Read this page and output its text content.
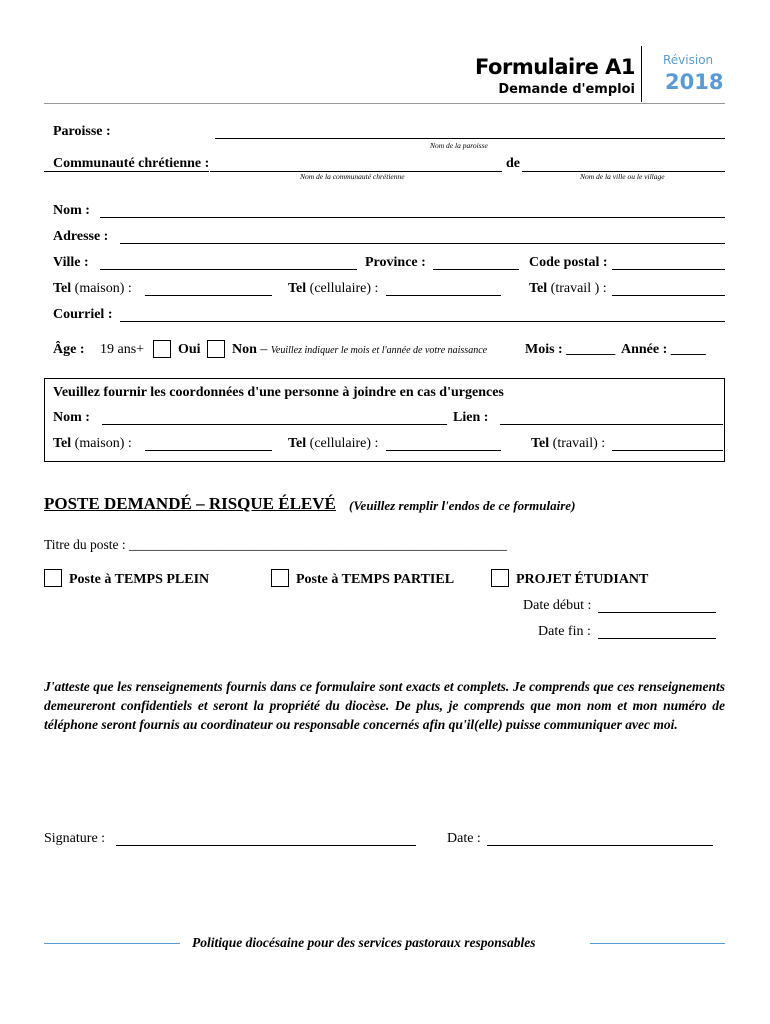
Formulaire A1
Demande d'emploi
Révision
2018
Paroisse :
Nom de la paroisse
Communauté chrétienne :	de
Nom de la communauté chrétienne	Nom de la ville ou le village
Nom :
Adresse :
Ville :	Province :	Code postal :
Tel (maison) :	Tel (cellulaire) :	Tel (travail ) :
Courriel :
Âge : 19 ans+ Oui Non – Veuillez indiquer le mois et l'année de votre naissance	Mois : _______ Année : _____
Veuillez fournir les coordonnées d'une personne à joindre en cas d'urgences
Nom :	Lien :
Tel (maison) :	Tel (cellulaire) :	Tel (travail) :
POSTE DEMANDÉ – RISQUE ÉLEVÉ (Veuillez remplir l'endos de ce formulaire)
Titre du poste : ________________________________________________________
Poste à TEMPS PLEIN	Poste à TEMPS PARTIEL	PROJET ÉTUDIANT
Date début :
Date fin :
J'atteste que les renseignements fournis dans ce formulaire sont exacts et complets. Je comprends que ces renseignements demeureront confidentiels et seront la propriété du diocèse. De plus, je comprends que mon nom et mon numéro de téléphone seront fournis au coordinateur ou responsable concernés afin qu'il(elle) puisse communiquer avec moi.
Signature :	Date :
Politique diocésaine pour des services pastoraux responsables
